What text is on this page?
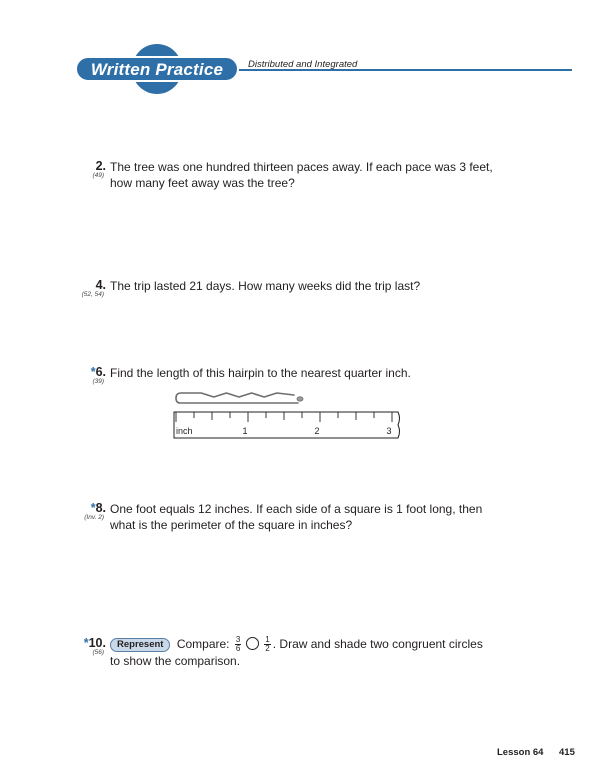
Distributed and Integrated
Written Practice
2.
(49)
The tree was one hundred thirteen paces away. If each pace was 3 feet,
how many feet away was the tree?
4.
(52, 54)
The trip lasted 21 days. How many weeks did the trip last?
*6.
(39)
Find the length of this hairpin to the nearest quarter inch.
inch	1	2	3
*8.
(Inv. 2)
One foot equals 12 inches. If each side of a square is 1 foot long, then
what is the perimeter of the square in inches?
*10.
(56)
Represent Compare: $\frac{3}{6}$	$\frac{1}{2}$ . Draw and shade two congruent circles
to show the comparison.
Lesson 64 415
